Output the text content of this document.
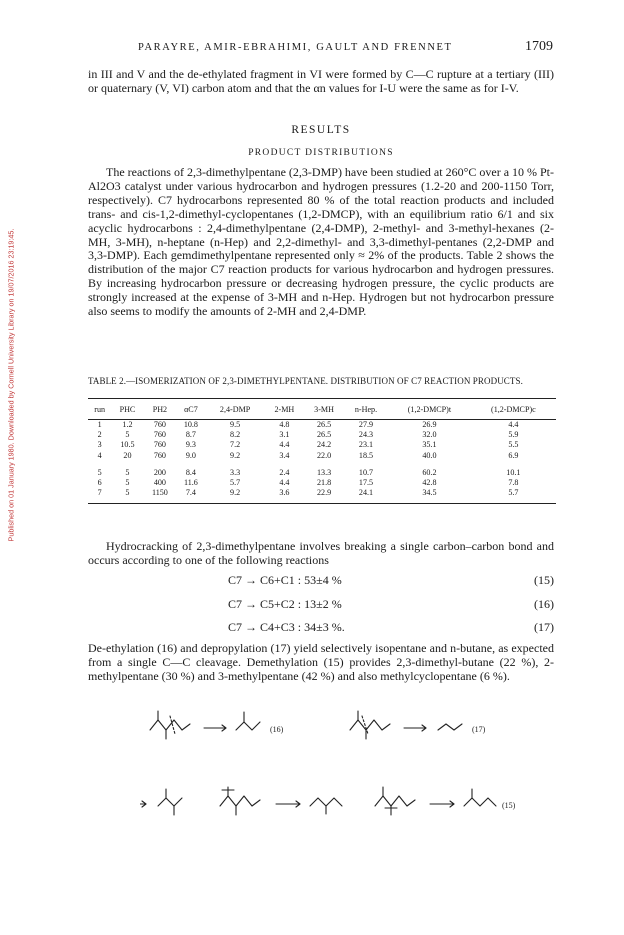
Published on 01 January 1980. Downloaded by Cornell University Library on 19/07/2016 23:19:45.
PARAYRE, AMIR-EBRAHIMI, GAULT AND FRENNET	1709
in III and V and the de-ethylated fragment in VI were formed by C—C rupture at a tertiary (III) or quaternary (V, VI) carbon atom and that the αn values for I-U were the same as for I-V.
RESULTS
PRODUCT DISTRIBUTIONS
The reactions of 2,3-dimethylpentane (2,3-DMP) have been studied at 260°C over a 10 % Pt-Al2O3 catalyst under various hydrocarbon and hydrogen pressures (1.2-20 and 200-1150 Torr, respectively). C7 hydrocarbons represented 80 % of the total reaction products and included trans- and cis-1,2-dimethyl-cyclopentanes (1,2-DMCP), with an equilibrium ratio 6/1 and six acyclic hydrocarbons : 2,4-dimethylpentane (2,4-DMP), 2-methyl- and 3-methyl-hexanes (2-MH, 3-MH), n-heptane (n-Hep) and 2,2-dimethyl- and 3,3-dimethyl-pentanes (2,2-DMP and 3,3-DMP). Each gemdimethylpentane represented only ≈ 2% of the products. Table 2 shows the distribution of the major C7 reaction products for various hydrocarbon and hydrogen pressures. By increasing hydrocarbon pressure or decreasing hydrogen pressure, the cyclic products are strongly increased at the expense of 3-MH and n-Hep. Hydrogen but not hydrocarbon pressure also seems to modify the amounts of 2-MH and 2,4-DMP.
TABLE 2.—ISOMERIZATION OF 2,3-DIMETHYLPENTANE. DISTRIBUTION OF C7 REACTION PRODUCTS.
run	PHC	PH2	αC7	2,4-DMP	2-MH	3-MH	n-Hep.	(1,2-DMCP)t	(1,2-DMCP)c
1	1.2	760	10.8	9.5	4.8	26.5	27.9	26.9	4.4
2	5	760	8.7	8.2	3.1	26.5	24.3	32.0	5.9
3	10.5	760	9.3	7.2	4.4	24.2	23.1	35.1	5.5
4	20	760	9.0	9.2	3.4	22.0	18.5	40.0	6.9
5	5	200	8.4	3.3	2.4	13.3	10.7	60.2	10.1
6	5	400	11.6	5.7	4.4	21.8	17.5	42.8	7.8
7	5	1150	7.4	9.2	3.6	22.9	24.1	34.5	5.7
Hydrocracking of 2,3-dimethylpentane involves breaking a single carbon–carbon bond and occurs according to one of the following reactions
C7 → C6+C1 : 53±4 %	(15)
C7 → C5+C2 : 13±2 %	(16)
C7 → C4+C3 : 34±3 %.	(17)
De-ethylation (16) and depropylation (17) yield selectively isopentane and n-butane, as expected from a single C—C cleavage. Demethylation (15) provides 2,3-dimethyl-butane (22 %), 2-methylpentane (30 %) and 3-methylpentane (42 %) and also methylcyclopentane (6 %).
(16)	(17)
(15)
